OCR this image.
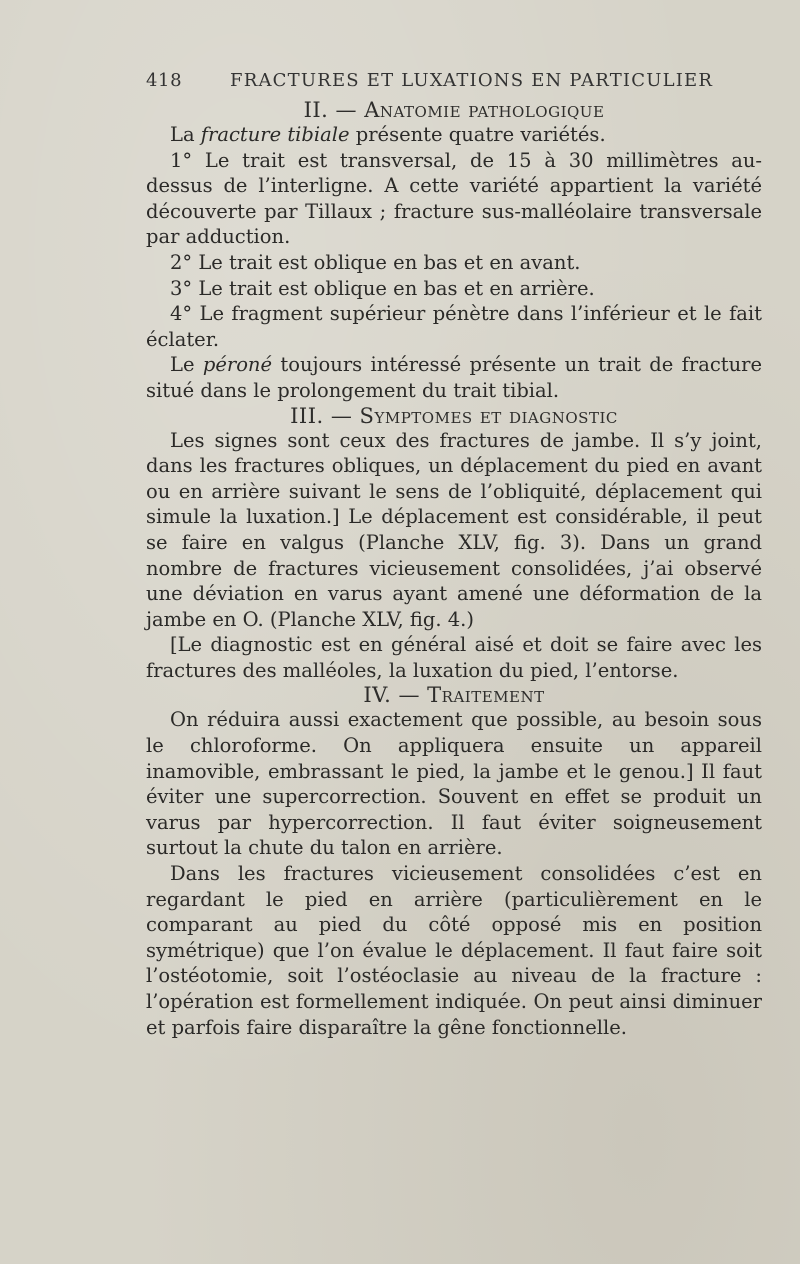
418	FRACTURES ET LUXATIONS EN PARTICULIER
II. — Anatomie pathologique

La fracture tibiale présente quatre variétés.

1° Le trait est transversal, de 15 à 30 millimètres au-dessus de l’interligne. A cette variété appartient la variété découverte par Tillaux ; fracture sus-malléolaire transversale par adduction.

2° Le trait est oblique en bas et en avant.

3° Le trait est oblique en bas et en arrière.

4° Le fragment supérieur pénètre dans l’inférieur et le fait éclater.

Le péroné toujours intéressé présente un trait de fracture situé dans le prolongement du trait tibial.

III. — Symptomes et diagnostic

Les signes sont ceux des fractures de jambe. Il s’y joint, dans les fractures obliques, un déplacement du pied en avant ou en arrière suivant le sens de l’obliquité, déplacement qui simule la luxation.] Le déplacement est considérable, il peut se faire en valgus (Planche XLV, fig. 3). Dans un grand nombre de fractures vicieusement consolidées, j’ai observé une déviation en varus ayant amené une déformation de la jambe en O. (Planche XLV, fig. 4.)

[Le diagnostic est en général aisé et doit se faire avec les fractures des malléoles, la luxation du pied, l’entorse.

IV. — Traitement

On réduira aussi exactement que possible, au besoin sous le chloroforme. On appliquera ensuite un appareil inamovible, embrassant le pied, la jambe et le genou.] Il faut éviter une supercorrection. Souvent en effet se produit un varus par hypercorrection. Il faut éviter soigneusement surtout la chute du talon en arrière.

Dans les fractures vicieusement consolidées c’est en regardant le pied en arrière (particulièrement en le comparant au pied du côté opposé mis en position symétrique) que l’on évalue le déplacement. Il faut faire soit l’ostéotomie, soit l’ostéoclasie au niveau de la fracture : l’opération est formellement indiquée. On peut ainsi diminuer et parfois faire disparaître la gêne fonctionnelle.
